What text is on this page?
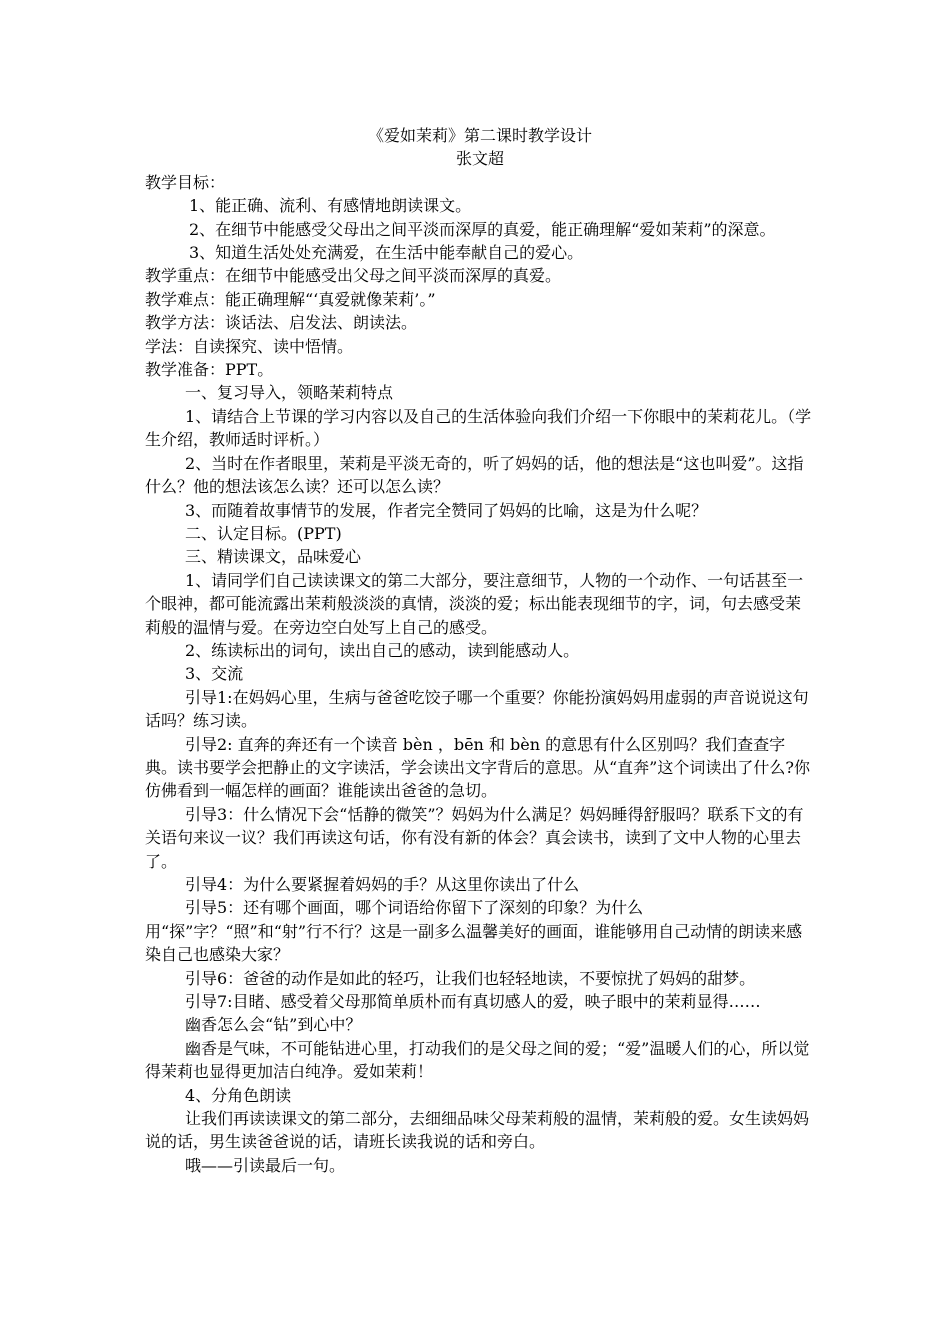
《爱如茉莉》第二课时教学设计

张文超

教学目标：

1、能正确、流利、有感情地朗读课文。

2、在细节中能感受父母出之间平淡而深厚的真爱，能正确理解“爱如茉莉”的深意。

3、知道生活处处充满爱，在生活中能奉献自己的爱心。

教学重点：在细节中能感受出父母之间平淡而深厚的真爱。

教学难点：能正确理解“‘真爱就像茉莉’。”

教学方法：谈话法、启发法、朗读法。

学法：自读探究、读中悟情。

教学准备：PPT。

一、复习导入，领略茉莉特点

1、请结合上节课的学习内容以及自己的生活体验向我们介绍一下你眼中的茉莉花儿。（学生介绍，教师适时评析。）

2、当时在作者眼里，茉莉是平淡无奇的，听了妈妈的话，他的想法是“这也叫爱”。这指什么？他的想法该怎么读？还可以怎么读？

3、而随着故事情节的发展，作者完全赞同了妈妈的比喻，这是为什么呢？

二、认定目标。(PPT)

三、精读课文，品味爱心

1、请同学们自己读读课文的第二大部分，要注意细节，人物的一个动作、一句话甚至一个眼神，都可能流露出茉莉般淡淡的真情，淡淡的爱；标出能表现细节的字，词，句去感受茉莉般的温情与爱。在旁边空白处写上自己的感受。

2、练读标出的词句，读出自己的感动，读到能感动人。

3、交流

引导1:在妈妈心里，生病与爸爸吃饺子哪一个重要？你能扮演妈妈用虚弱的声音说说这句话吗？练习读。

引导2: 直奔的奔还有一个读音 bèn ，bēn 和 bèn 的意思有什么区别吗？我们查查字典。读书要学会把静止的文字读活，学会读出文字背后的意思。从“直奔”这个词读出了什么?你仿佛看到一幅怎样的画面？谁能读出爸爸的急切。

引导3：什么情况下会“恬静的微笑”？妈妈为什么满足？妈妈睡得舒服吗？联系下文的有关语句来议一议？我们再读这句话，你有没有新的体会？真会读书，读到了文中人物的心里去了。

引导4：为什么要紧握着妈妈的手？从这里你读出了什么

引导5：还有哪个画面，哪个词语给你留下了深刻的印象？为什么用“探”字？“照”和“射”行不行？这是一副多么温馨美好的画面，谁能够用自己动情的朗读来感染自己也感染大家？

引导6：爸爸的动作是如此的轻巧，让我们也轻轻地读，不要惊扰了妈妈的甜梦。

引导7:目睹、感受着父母那简单质朴而有真切感人的爱，映子眼中的茉莉显得……

幽香怎么会“钻”到心中？

幽香是气味，不可能钻进心里，打动我们的是父母之间的爱；“爱”温暖人们的心，所以觉得茉莉也显得更加洁白纯净。爱如茉莉！

4、分角色朗读

让我们再读读课文的第二部分，去细细品味父母茉莉般的温情，茉莉般的爱。女生读妈妈说的话，男生读爸爸说的话，请班长读我说的话和旁白。

哦——引读最后一句。
